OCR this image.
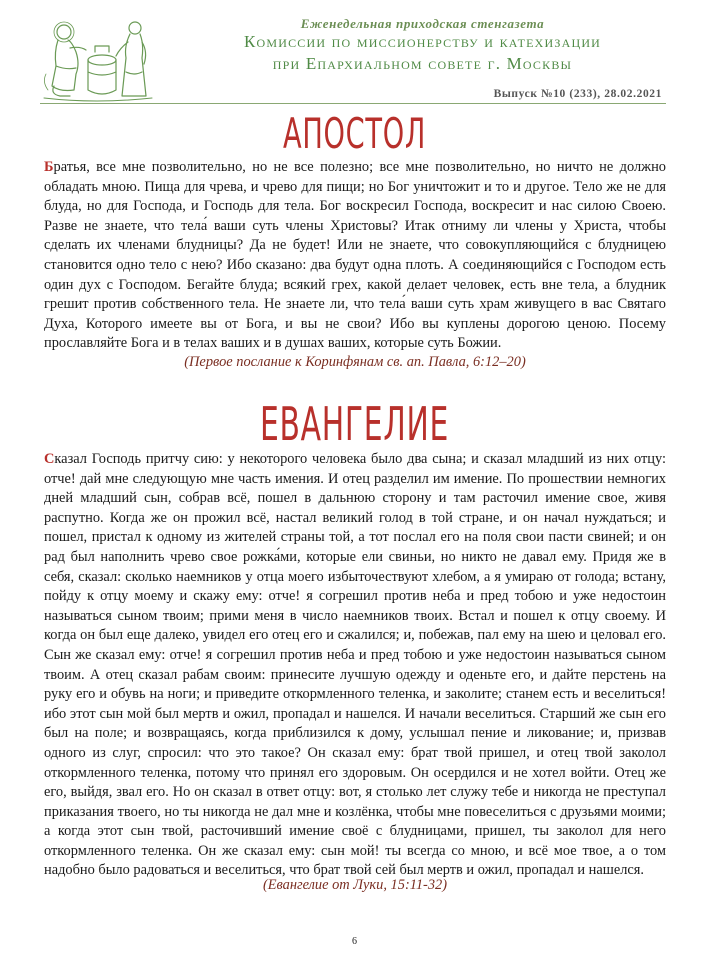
Еженедельная приходская стенгазета
Комиссии по миссионерству и катехизации
при Епархиальном совете г. Москвы
Выпуск №10 (233), 28.02.2021
АПОСТОЛ
Братья, все мне позволительно, но не все полезно; все мне позволительно, но ничто не должно обладать мною. Пища для чрева, и чрево для пищи; но Бог уничтожит и то и другое. Тело же не для блуда, но для Господа, и Господь для тела. Бог воскресил Господа, воскресит и нас силою Своею. Разве не знаете, что тела́ ваши суть члены Христовы? Итак отниму ли члены у Христа, чтобы сделать их членами блудницы? Да не будет! Или не знаете, что совокупляющийся с блудницею становится одно тело с нею? Ибо сказано: два будут одна плоть. А соединяющийся с Господом есть один дух с Господом. Бегайте блуда; всякий грех, какой делает человек, есть вне тела, а блудник грешит против собственного тела. Не знаете ли, что тела́ ваши суть храм живущего в вас Святаго Духа, Которого имеете вы от Бога, и вы не свои? Ибо вы куплены дорогою ценою. Посему прославляйте Бога и в телах ваших и в душах ваших, которые суть Божии.
(Первое послание к Коринфянам св. ап. Павла, 6:12–20)
ЕВАНГЕЛИЕ
Сказал Господь притчу сию: у некоторого человека было два сына; и сказал младший из них отцу: отче! дай мне следующую мне часть имения. И отец разделил им имение. По прошествии немногих дней младший сын, собрав всё, пошел в дальнюю сторону и там расточил имение свое, живя распутно. Когда же он прожил всё, настал великий голод в той стране, и он начал нуждаться; и пошел, пристал к одному из жителей страны той, а тот послал его на поля свои пасти свиней; и он рад был наполнить чрево свое рожка́ми, которые ели свиньи, но никто не давал ему. Придя же в себя, сказал: сколько наемников у отца моего избыточествуют хлебом, а я умираю от голода; встану, пойду к отцу моему и скажу ему: отче! я согрешил против неба и пред тобою и уже недостоин называться сыном твоим; прими меня в число наемников твоих. Встал и пошел к отцу своему. И когда он был еще далеко, увидел его отец его и сжалился; и, побежав, пал ему на шею и целовал его. Сын же сказал ему: отче! я согрешил против неба и пред тобою и уже недостоин называться сыном твоим. А отец сказал рабам своим: принесите лучшую одежду и оденьте его, и дайте перстень на руку его и обувь на ноги; и приведите откормленного теленка, и заколите; станем есть и веселиться! ибо этот сын мой был мертв и ожил, пропадал и нашелся. И начали веселиться. Старший же сын его был на поле; и возвращаясь, когда приблизился к дому, услышал пение и ликование; и, призвав одного из слуг, спросил: что это такое? Он сказал ему: брат твой пришел, и отец твой заколол откормленного теленка, потому что принял его здоровым. Он осердился и не хотел войти. Отец же его, выйдя, звал его. Но он сказал в ответ отцу: вот, я столько лет служу тебе и никогда не преступал приказания твоего, но ты никогда не дал мне и козлёнка, чтобы мне повеселиться с друзьями моими; а когда этот сын твой, расточивший имение своё с блудницами, пришел, ты заколол для него откормленного теленка. Он же сказал ему: сын мой! ты всегда со мною, и всё мое твое, а о том надобно было радоваться и веселиться, что брат твой сей был мертв и ожил, пропадал и нашелся.
(Евангелие от Луки, 15:11-32)
6
